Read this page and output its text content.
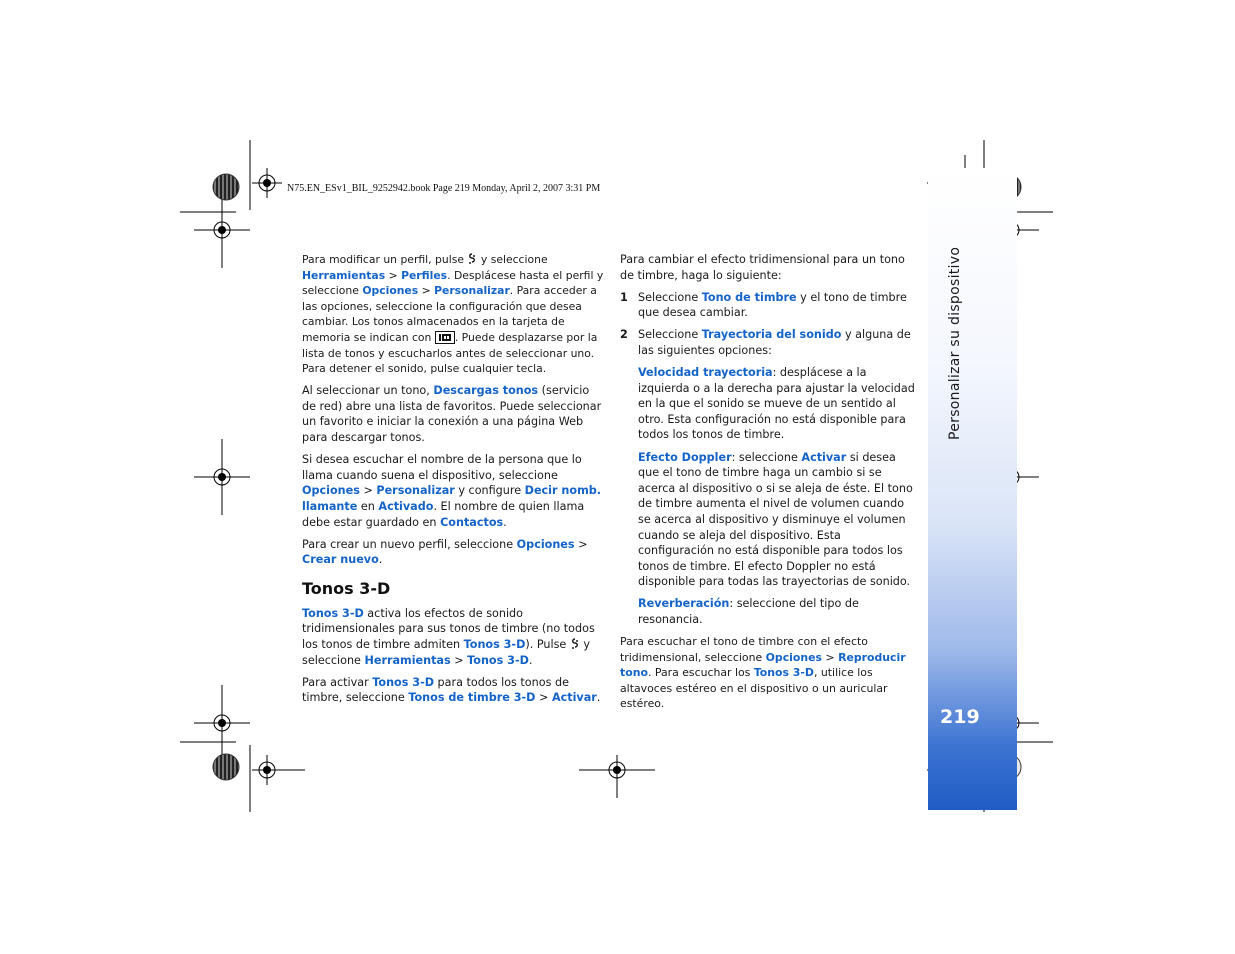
N75.EN_ESv1_BIL_9252942.book Page 219 Monday, April 2, 2007 3:31 PM
Personalizar su dispositivo
219

Para modificar un perfil, pulse  y seleccione Herramientas > Perfiles. Desplácese hasta el perfil y seleccione Opciones > Personalizar. Para acceder a las opciones, seleccione la configuración que desea cambiar. Los tonos almacenados en la tarjeta de memoria se indican con . Puede desplazarse por la lista de tonos y escucharlos antes de seleccionar uno. Para detener el sonido, pulse cualquier tecla.

Al seleccionar un tono, Descargas tonos (servicio de red) abre una lista de favoritos. Puede seleccionar un favorito e iniciar la conexión a una página Web para descargar tonos.

Si desea escuchar el nombre de la persona que lo llama cuando suena el dispositivo, seleccione Opciones > Personalizar y configure Decir nomb. llamante en Activado. El nombre de quien llama debe estar guardado en Contactos.

Para crear un nuevo perfil, seleccione Opciones > Crear nuevo.

Tonos 3-D

Tonos 3-D activa los efectos de sonido tridimensionales para sus tonos de timbre (no todos los tonos de timbre admiten Tonos 3-D). Pulse  y seleccione Herramientas > Tonos 3-D.

Para activar Tonos 3-D para todos los tonos de timbre, seleccione Tonos de timbre 3-D > Activar.

Para cambiar el efecto tridimensional para un tono de timbre, haga lo siguiente:

1 Seleccione Tono de timbre y el tono de timbre que desea cambiar.

2 Seleccione Trayectoria del sonido y alguna de las siguientes opciones:

Velocidad trayectoria: desplácese a la izquierda o a la derecha para ajustar la velocidad en la que el sonido se mueve de un sentido al otro. Esta configuración no está disponible para todos los tonos de timbre.

Efecto Doppler: seleccione Activar si desea que el tono de timbre haga un cambio si se acerca al dispositivo o si se aleja de éste. El tono de timbre aumenta el nivel de volumen cuando se acerca al dispositivo y disminuye el volumen cuando se aleja del dispositivo. Esta configuración no está disponible para todos los tonos de timbre. El efecto Doppler no está disponible para todas las trayectorias de sonido.

Reverberación: seleccione del tipo de resonancia.

Para escuchar el tono de timbre con el efecto tridimensional, seleccione Opciones > Reproducir tono. Para escuchar los Tonos 3-D, utilice los altavoces estéreo en el dispositivo o un auricular estéreo.
